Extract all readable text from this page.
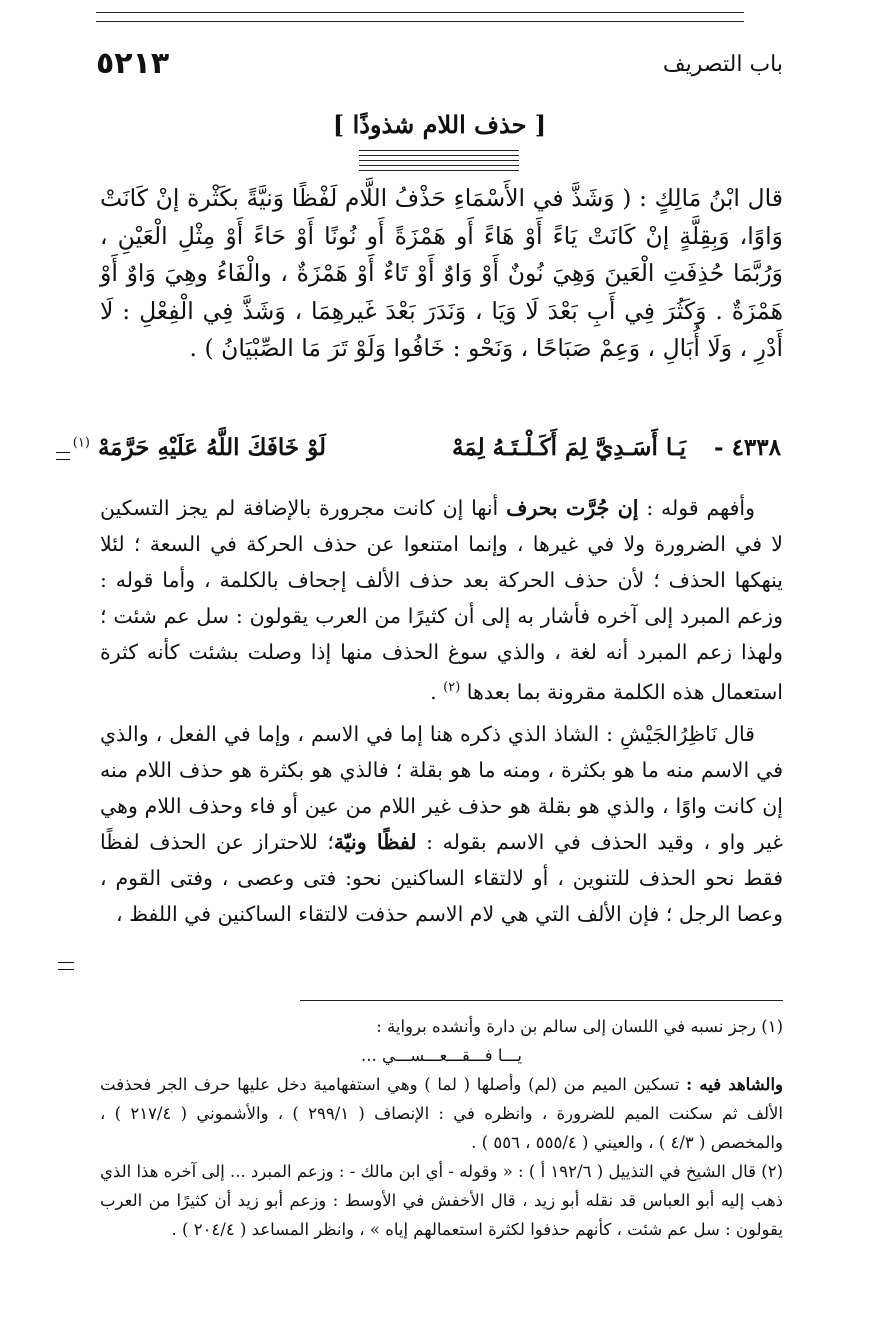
باب التصريف
٥٢١٣
[ حذف اللام شذوذًا ]
قال ابْنُ مَالِكٍ : ( وَشَذَّ في الأَسْمَاءِ حَذْفُ اللَّام لَفْظًا وَنيَّةً بكَثْرة إنْ كَانَتْ وَاوًا، وَبِقِلَّةٍ إنْ كَانَتْ يَاءً أَوْ هَاءً أَو هَمْزَةً أَو نُونًا أَوْ حَاءً أَوْ مِثْلِ الْعَيْنِ ، وَرُبَّمَا حُذِفَتِ الْعَينَ وَهِيَ نُونٌ أَوْ وَاوٌ أَوْ تَاءٌ أَوْ هَمْزَةٌ ، والْفَاءُ وهِيَ وَاوٌ أَوْ هَمْزَةٌ . وَكَثُرَ فِي أَبِ بَعْدَ لَا وَيَا ، وَنَدَرَ بَعْدَ غَيرهِمَا ، وَشَذَّ فِي الْفِعْلِ : لَا أَدْرِ ، وَلَا أُبَالِ ، وَعِمْ صَبَاحًا ، وَنَحْو : خَافُوا وَلَوْ تَرَ مَا الصِّبْيَانُ ) .
٤٣٣٨ -
يَـا أَسَـدِيَّ لِمَ أَكَـلْـتَـهُ لِمَهْ
لَوْ خَافَكَ اللَّهُ عَلَيْهِ حَرَّمَهْ $^{(١)}$

وأفهم قوله : إن جُرَّت بحرف أنها إن كانت مجرورة بالإضافة لم يجز التسكين لا في الضرورة ولا في غيرها ، وإنما امتنعوا عن حذف الحركة في السعة ؛ لئلا ينهكها الحذف ؛ لأن حذف الحركة بعد حذف الألف إجحاف بالكلمة ، وأما قوله : وزعم المبرد إلى آخره فأشار به إلى أن كثيرًا من العرب يقولون : سل عم شئت ؛ ولهذا زعم المبرد أنه لغة ، والذي سوغ الحذف منها إذا وصلت بشئت كأنه كثرة استعمال هذه الكلمة مقرونة بما بعدها $^{(٢)}$ .

قال نَاظِرُالجَيْشِ : الشاذ الذي ذكره هنا إما في الاسم ، وإما في الفعل ، والذي في الاسم منه ما هو بكثرة ، ومنه ما هو بقلة ؛ فالذي هو بكثرة هو حذف اللام منه إن كانت واوًا ، والذي هو بقلة هو حذف غير اللام من عين أو فاء وحذف اللام وهي غير واو ، وقيد الحذف في الاسم بقوله : لفظًا ونيّة؛ للاحتراز عن الحذف لفظًا فقط نحو الحذف للتنوين ، أو لالتقاء الساكنين نحو: فتى وعصى ، وفتى القوم ، وعصا الرجل ؛ فإن الألف التي هي لام الاسم حذفت لالتقاء الساكنين في اللفظ ،

(١) رجز نسبه في اللسان إلى سالم بن دارة وأنشده برواية :

يـــا فـــقـــعـــســـي ...

والشاهد فيه : تسكين الميم من (لم) وأصلها ( لما ) وهي استفهامية دخل عليها حرف الجر فحذفت الألف ثم سكنت الميم للضرورة ، وانظره في : الإنصاف ( ٢٩٩/١ ) ، والأشموني ( ٢١٧/٤ ) ، والمخصص ( ٤/٣ ) ، والعيني ( ٥٥٥/٤ ، ٥٥٦ ) .

(٢) قال الشيخ في التذييل ( ١٩٢/٦ أ ) : « وقوله - أي ابن مالك - : وزعم المبرد ... إلى آخره هذا الذي ذهب إليه أبو العباس قد نقله أبو زيد ، قال الأخفش في الأوسط : وزعم أبو زيد أن كثيرًا من العرب يقولون : سل عم شئت ، كأنهم حذفوا لكثرة استعمالهم إياه » ، وانظر المساعد ( ٢٠٤/٤ ) .
